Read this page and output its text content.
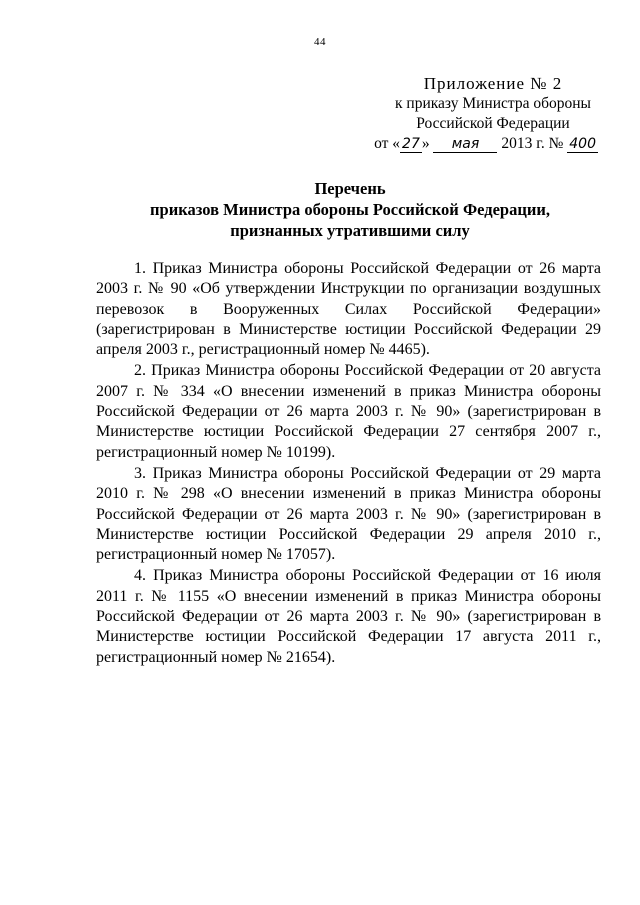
44
Приложение № 2
к приказу Министра обороны
Российской Федерации
от « 27 » мая 2013 г. № 400
Перечень
приказов Министра обороны Российской Федерации,
признанных утратившими силу

1. Приказ Министра обороны Российской Федерации от 26 марта 2003 г. № 90 «Об утверждении Инструкции по организации воздушных перевозок в Вооруженных Силах Российской Федерации» (зарегистрирован в Министерстве юстиции Российской Федерации 29 апреля 2003 г., регистрационный номер № 4465).

2. Приказ Министра обороны Российской Федерации от 20 августа 2007 г. № 334 «О внесении изменений в приказ Министра обороны Российской Федерации от 26 марта 2003 г. № 90» (зарегистрирован в Министерстве юстиции Российской Федерации 27 сентября 2007 г., регистрационный номер № 10199).

3. Приказ Министра обороны Российской Федерации от 29 марта 2010 г. № 298 «О внесении изменений в приказ Министра обороны Российской Федерации от 26 марта 2003 г. № 90» (зарегистрирован в Министерстве юстиции Российской Федерации 29 апреля 2010 г., регистрационный номер № 17057).

4. Приказ Министра обороны Российской Федерации от 16 июля 2011 г. № 1155 «О внесении изменений в приказ Министра обороны Российской Федерации от 26 марта 2003 г. № 90» (зарегистрирован в Министерстве юстиции Российской Федерации 17 августа 2011 г., регистрационный номер № 21654).
